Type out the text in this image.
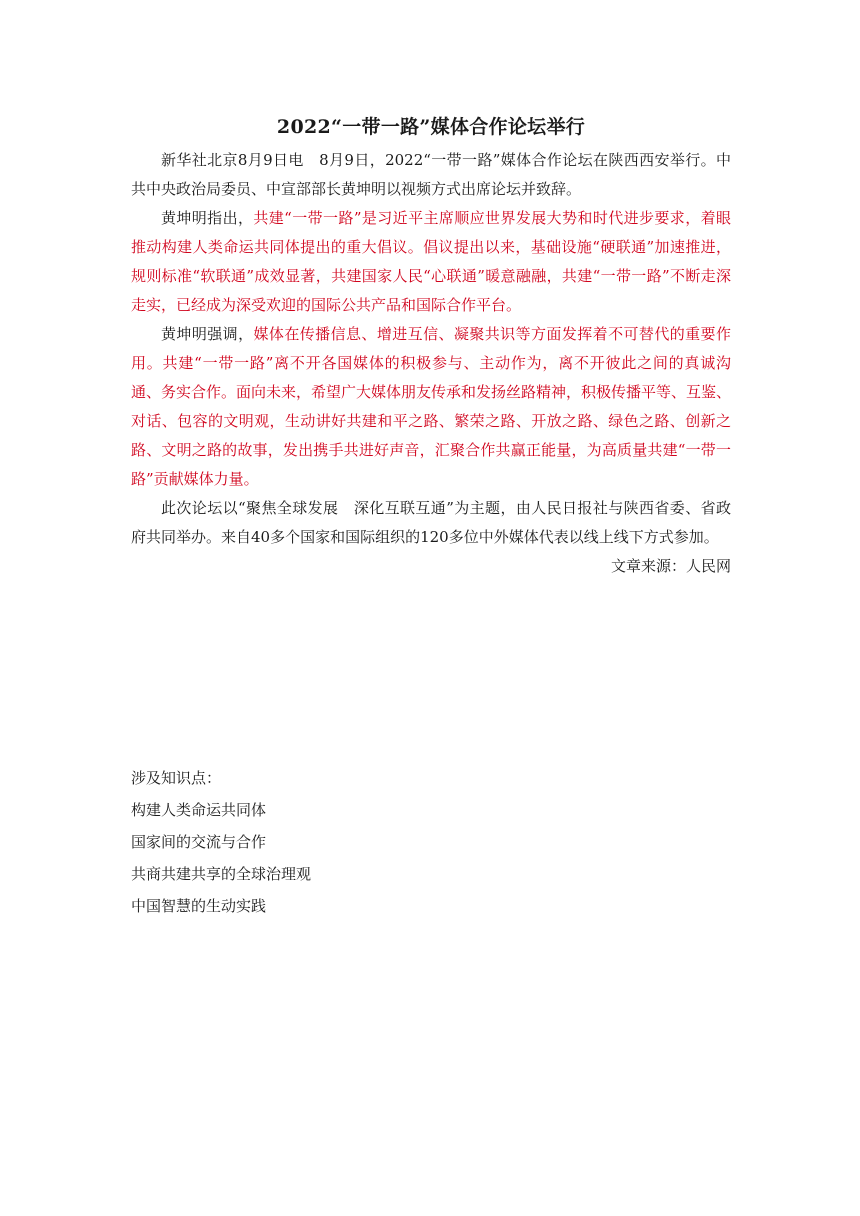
2022“一带一路”媒体合作论坛举行

新华社北京8月9日电　8月9日，2022“一带一路”媒体合作论坛在陕西西安举行。中共中央政治局委员、中宣部部长黄坤明以视频方式出席论坛并致辞。

黄坤明指出，共建“一带一路”是习近平主席顺应世界发展大势和时代进步要求，着眼推动构建人类命运共同体提出的重大倡议。倡议提出以来，基础设施“硬联通”加速推进，规则标准“软联通”成效显著，共建国家人民“心联通”暖意融融，共建“一带一路”不断走深走实，已经成为深受欢迎的国际公共产品和国际合作平台。

黄坤明强调，媒体在传播信息、增进互信、凝聚共识等方面发挥着不可替代的重要作用。共建“一带一路”离不开各国媒体的积极参与、主动作为，离不开彼此之间的真诚沟通、务实合作。面向未来，希望广大媒体朋友传承和发扬丝路精神，积极传播平等、互鉴、对话、包容的文明观，生动讲好共建和平之路、繁荣之路、开放之路、绿色之路、创新之路、文明之路的故事，发出携手共进好声音，汇聚合作共赢正能量，为高质量共建“一带一路”贡献媒体力量。

此次论坛以“聚焦全球发展　深化互联互通”为主题，由人民日报社与陕西省委、省政府共同举办。来自40多个国家和国际组织的120多位中外媒体代表以线上线下方式参加。

文章来源：人民网

涉及知识点：

构建人类命运共同体

国家间的交流与合作

共商共建共享的全球治理观

中国智慧的生动实践
